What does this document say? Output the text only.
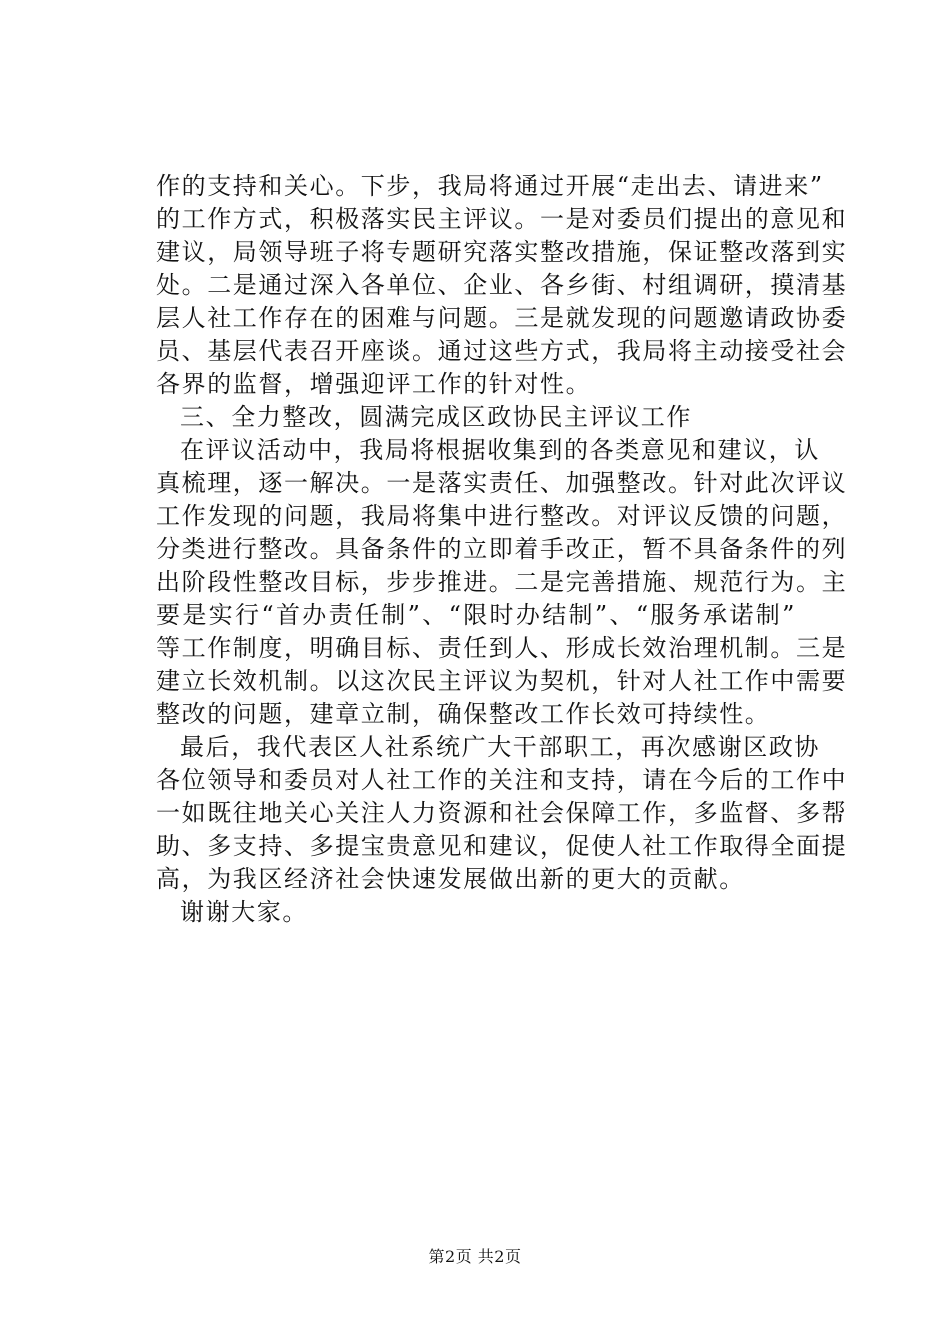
作的支持和关心。下步，我局将通过开展“走出去、请进来”
的工作方式，积极落实民主评议。一是对委员们提出的意见和
建议，局领导班子将专题研究落实整改措施，保证整改落到实
处。二是通过深入各单位、企业、各乡街、村组调研，摸清基
层人社工作存在的困难与问题。三是就发现的问题邀请政协委
员、基层代表召开座谈。通过这些方式，我局将主动接受社会
各界的监督，增强迎评工作的针对性。
三、全力整改，圆满完成区政协民主评议工作
在评议活动中，我局将根据收集到的各类意见和建议，认
真梳理，逐一解决。一是落实责任、加强整改。针对此次评议
工作发现的问题，我局将集中进行整改。对评议反馈的问题，
分类进行整改。具备条件的立即着手改正，暂不具备条件的列
出阶段性整改目标，步步推进。二是完善措施、规范行为。主
要是实行“首办责任制”、“限时办结制”、“服务承诺制”
等工作制度，明确目标、责任到人、形成长效治理机制。三是
建立长效机制。以这次民主评议为契机，针对人社工作中需要
整改的问题，建章立制，确保整改工作长效可持续性。
最后，我代表区人社系统广大干部职工，再次感谢区政协
各位领导和委员对人社工作的关注和支持，请在今后的工作中
一如既往地关心关注人力资源和社会保障工作，多监督、多帮
助、多支持、多提宝贵意见和建议，促使人社工作取得全面提
高，为我区经济社会快速发展做出新的更大的贡献。
谢谢大家。
第2页 共2页
